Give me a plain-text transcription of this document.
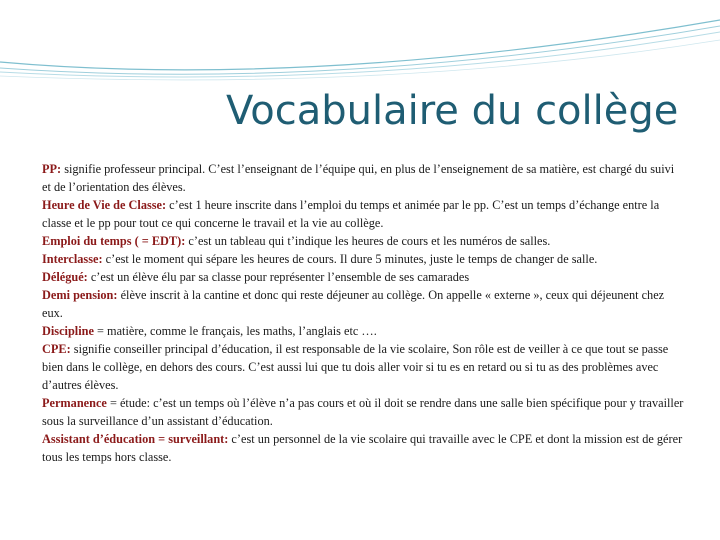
Vocabulaire du collège

PP: signifie professeur principal. C’est l’enseignant de l’équipe qui, en plus de l’enseignement de sa matière, est chargé du suivi et de l’orientation des élèves.

Heure de Vie de Classe: c’est 1 heure inscrite dans l’emploi du temps et animée par le pp. C’est un temps d’échange entre la classe et le pp pour tout ce qui concerne le travail et la vie au collège.

Emploi du temps ( = EDT): c’est un tableau qui t’indique les heures de cours et les numéros de salles.

Interclasse: c’est le moment qui sépare les heures de cours. Il dure 5 minutes, juste le temps de changer de salle.

Délégué: c’est un élève élu par sa classe pour représenter l’ensemble de ses camarades

Demi pension: élève inscrit à la cantine et donc qui reste déjeuner au collège. On appelle « externe », ceux qui déjeunent chez eux.

Discipline = matière, comme le français, les maths, l’anglais etc ….

CPE: signifie conseiller principal d’éducation, il est responsable de la vie scolaire, Son rôle est de veiller à ce que tout se passe bien dans le collège, en dehors des cours. C’est aussi lui que tu dois aller voir si tu es en retard ou si tu as des problèmes avec d’autres élèves.

Permanence = étude: c’est un temps où l’élève n’a pas cours et où il doit se rendre dans une salle bien spécifique pour y travailler sous la surveillance d’un assistant d’éducation.

Assistant d’éducation = surveillant: c’est un personnel de la vie scolaire qui travaille avec le CPE et dont la mission est de gérer tous les temps hors classe.
